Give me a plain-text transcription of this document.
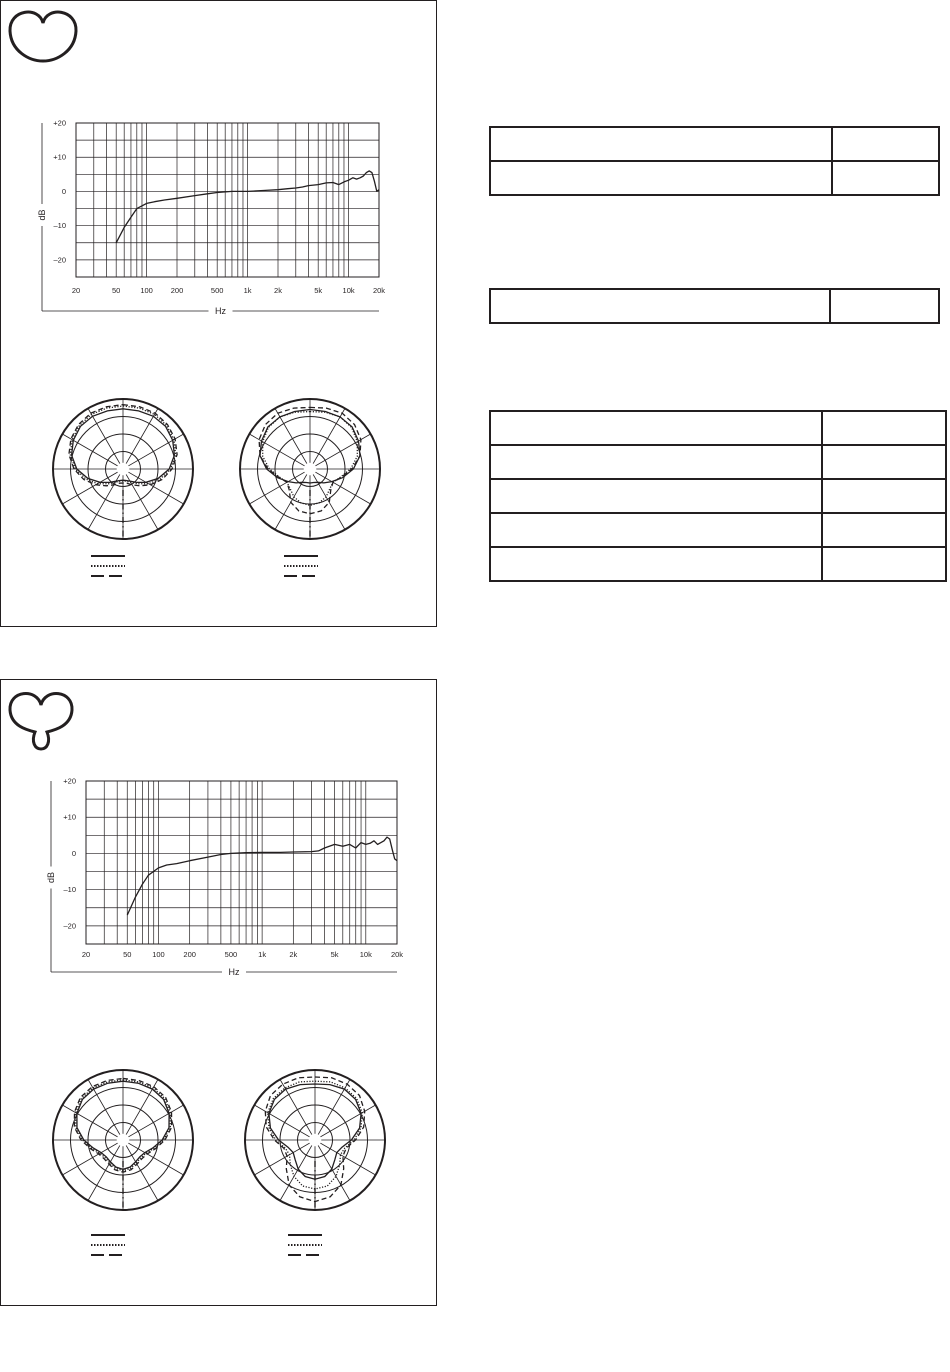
20	50	100 200	500	1k	2k	5k	10k 20k
+20
+10
0
–10
–20
Hz
dB
20	50	100 200	500	1k	2k	5k	10k	20k
+20
+10
0
–10
–20
Hz
dB
